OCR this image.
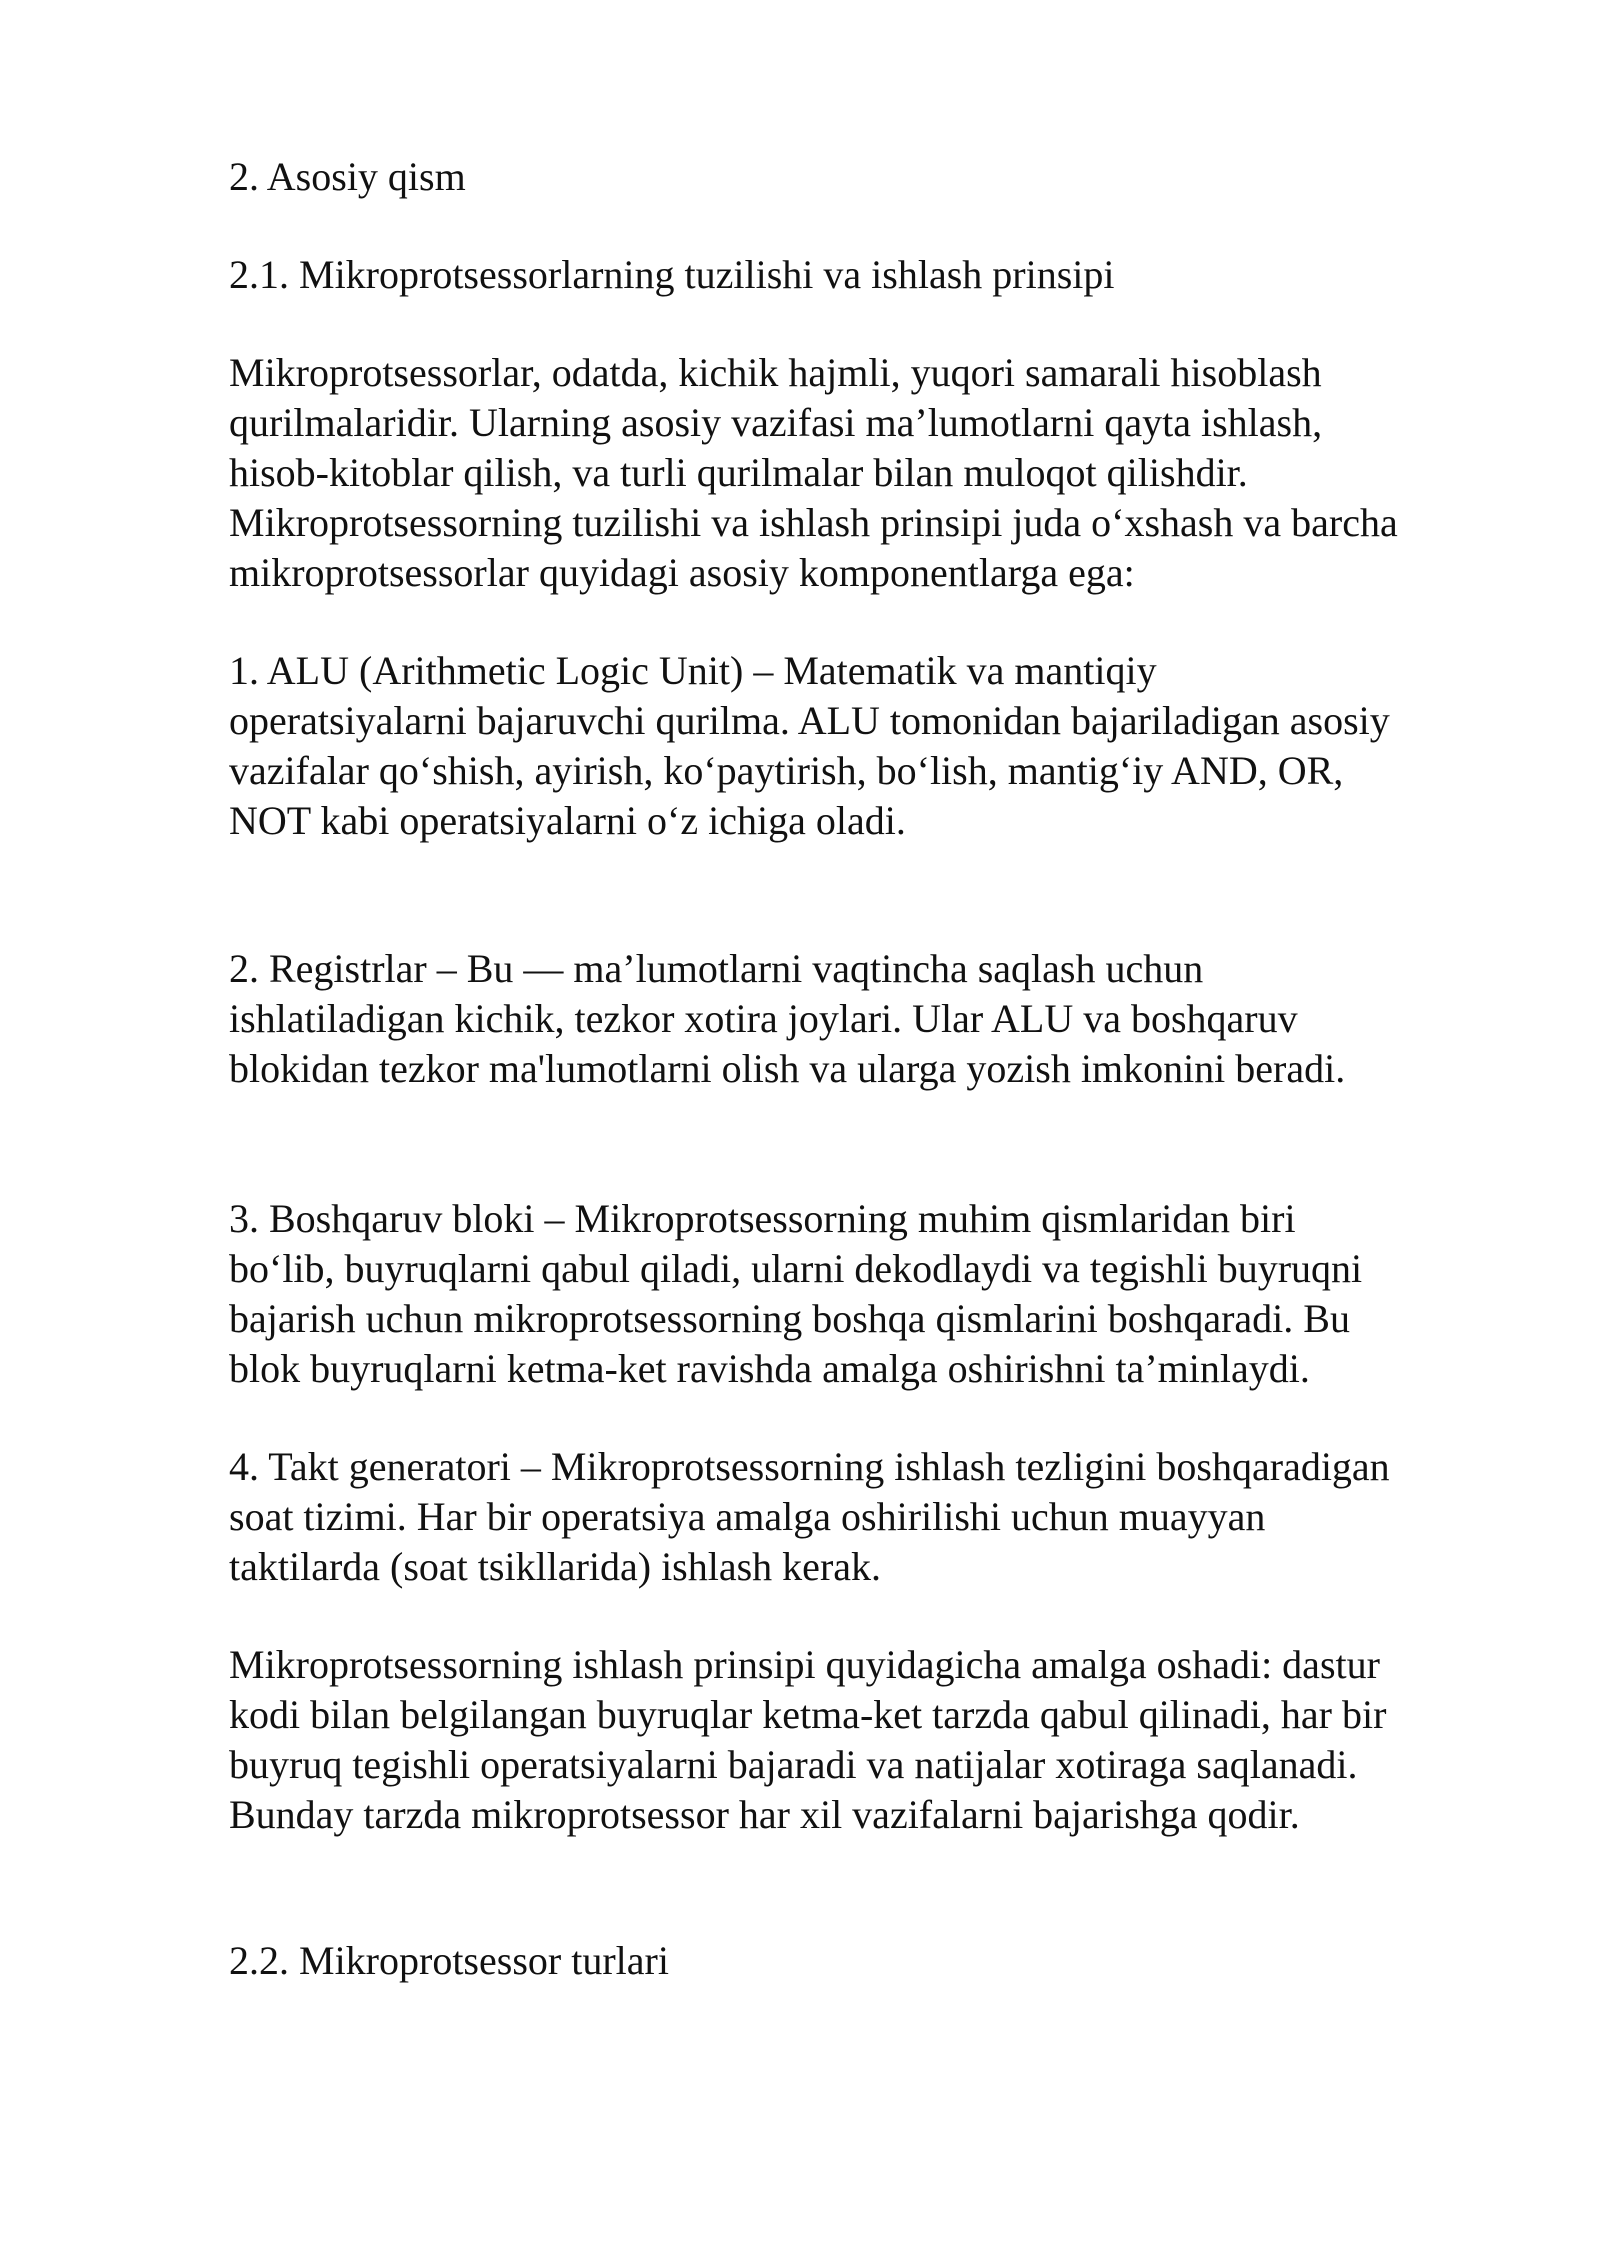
2. Asosiy qism
2.1. Mikroprotsessorlarning tuzilishi va ishlash prinsipi
Mikroprotsessorlar, odatda, kichik hajmli, yuqori samarali hisoblash
qurilmalaridir. Ularning asosiy vazifasi ma’lumotlarni qayta ishlash,
hisob-kitoblar qilish, va turli qurilmalar bilan muloqot qilishdir.
Mikroprotsessorning tuzilishi va ishlash prinsipi juda o‘xshash va barcha
mikroprotsessorlar quyidagi asosiy komponentlarga ega:
1. ALU (Arithmetic Logic Unit) – Matematik va mantiqiy
operatsiyalarni bajaruvchi qurilma. ALU tomonidan bajariladigan asosiy
vazifalar qo‘shish, ayirish, ko‘paytirish, bo‘lish, mantig‘iy AND, OR,
NOT kabi operatsiyalarni o‘z ichiga oladi.
2. Registrlar – Bu — ma’lumotlarni vaqtincha saqlash uchun
ishlatiladigan kichik, tezkor xotira joylari. Ular ALU va boshqaruv
blokidan tezkor ma'lumotlarni olish va ularga yozish imkonini beradi.
3. Boshqaruv bloki – Mikroprotsessorning muhim qismlaridan biri
bo‘lib, buyruqlarni qabul qiladi, ularni dekodlaydi va tegishli buyruqni
bajarish uchun mikroprotsessorning boshqa qismlarini boshqaradi. Bu
blok buyruqlarni ketma-ket ravishda amalga oshirishni ta’minlaydi.
4. Takt generatori – Mikroprotsessorning ishlash tezligini boshqaradigan
soat tizimi. Har bir operatsiya amalga oshirilishi uchun muayyan
taktilarda (soat tsikllarida) ishlash kerak.
Mikroprotsessorning ishlash prinsipi quyidagicha amalga oshadi: dastur
kodi bilan belgilangan buyruqlar ketma-ket tarzda qabul qilinadi, har bir
buyruq tegishli operatsiyalarni bajaradi va natijalar xotiraga saqlanadi.
Bunday tarzda mikroprotsessor har xil vazifalarni bajarishga qodir.
2.2. Mikroprotsessor turlari
